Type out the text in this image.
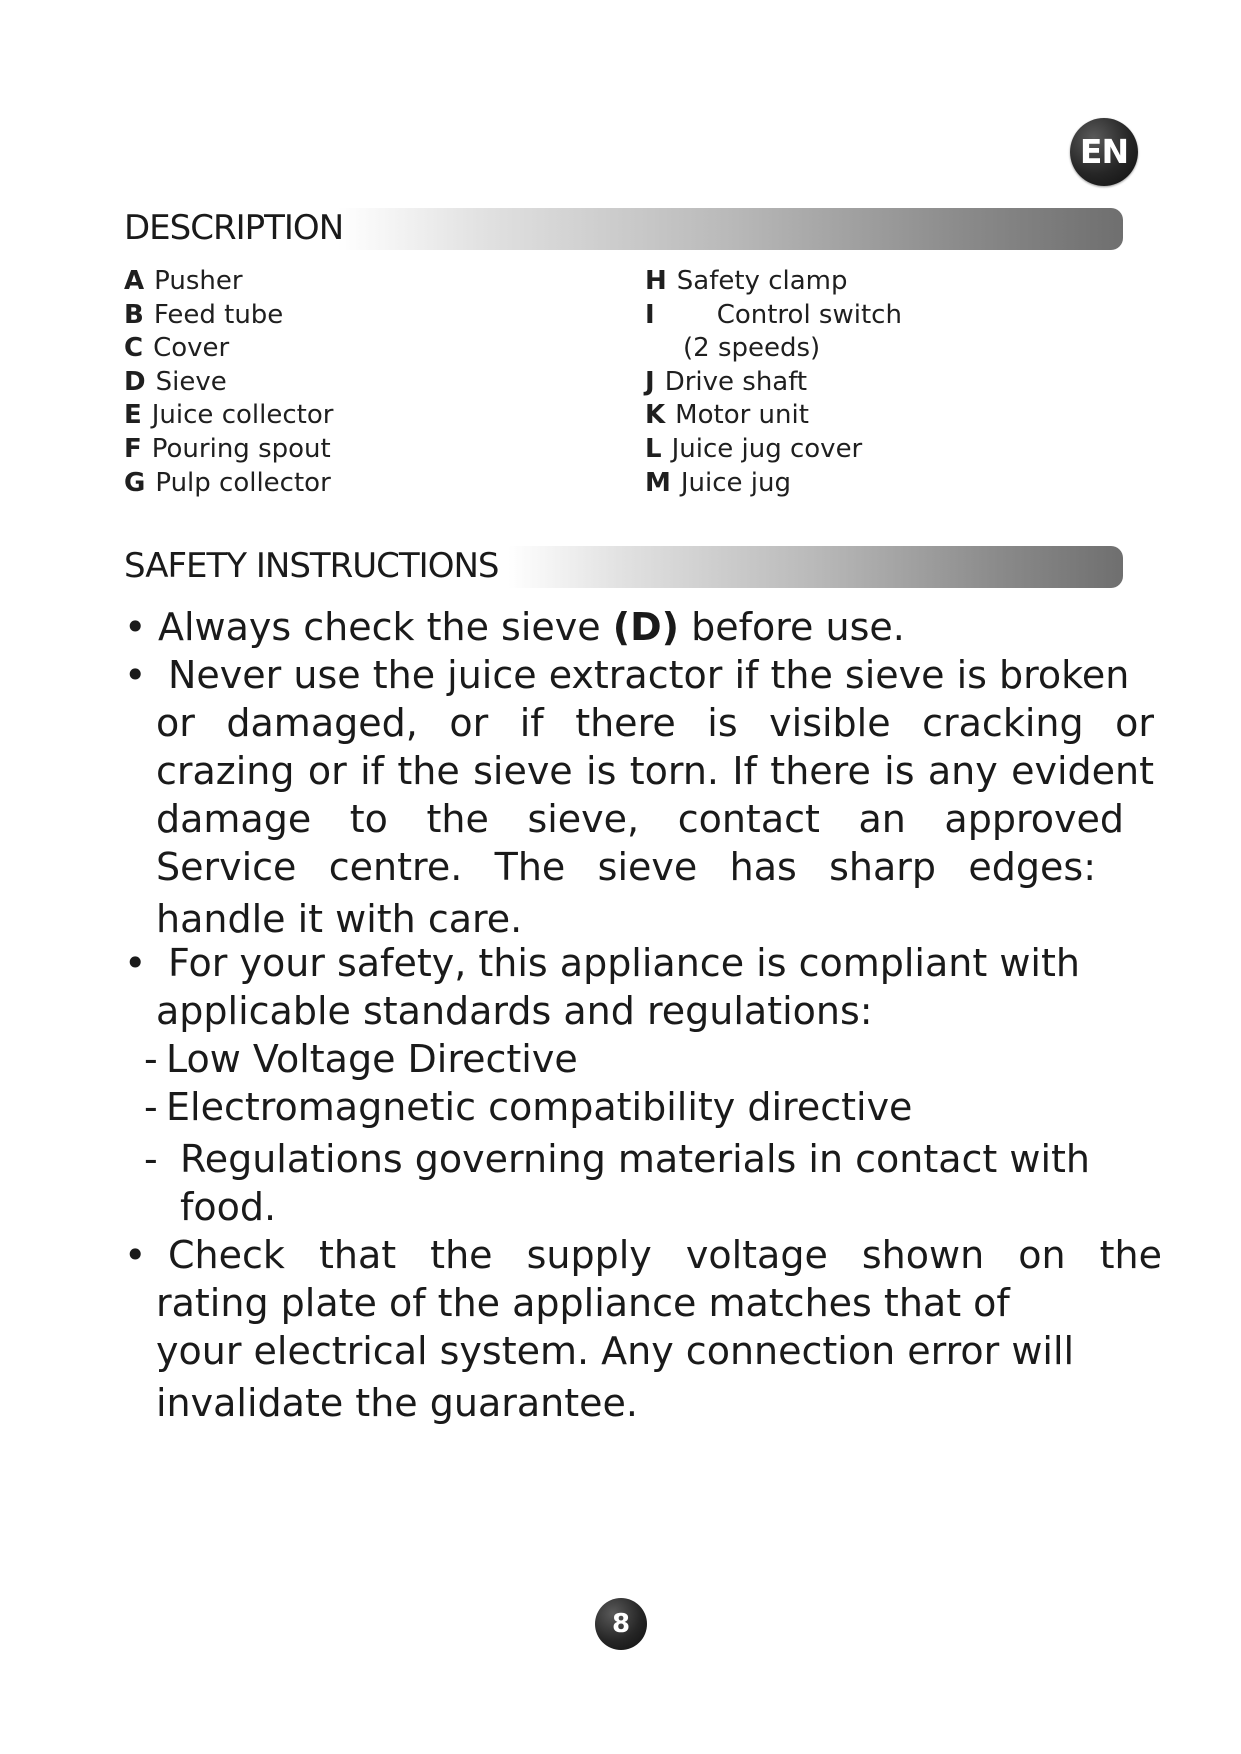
EN
DESCRIPTION
A Pusher
B Feed tube
C Cover
D Sieve
E Juice collector
F Pouring spout
G Pulp collector
H Safety clamp
I Control switch
(2 speeds)
J Drive shaft
K Motor unit
L Juice jug cover
M Juice jug
SAFETY INSTRUCTIONS
• Always check the sieve (D) before use.
• Never use the juice extractor if the sieve is broken
or damaged, or if there is visible cracking or
crazing or if the sieve is torn. If there is any evident
damage to the sieve, contact an approved
Service centre. The sieve has sharp edges:
handle it with care.
• For your safety, this appliance is compliant with
applicable standards and regulations:
- Low Voltage Directive
- Electromagnetic compatibility directive
- Regulations governing materials in contact with
food.
• Check that the supply voltage shown on the
rating plate of the appliance matches that of
your electrical system. Any connection error will
invalidate the guarantee.
8
